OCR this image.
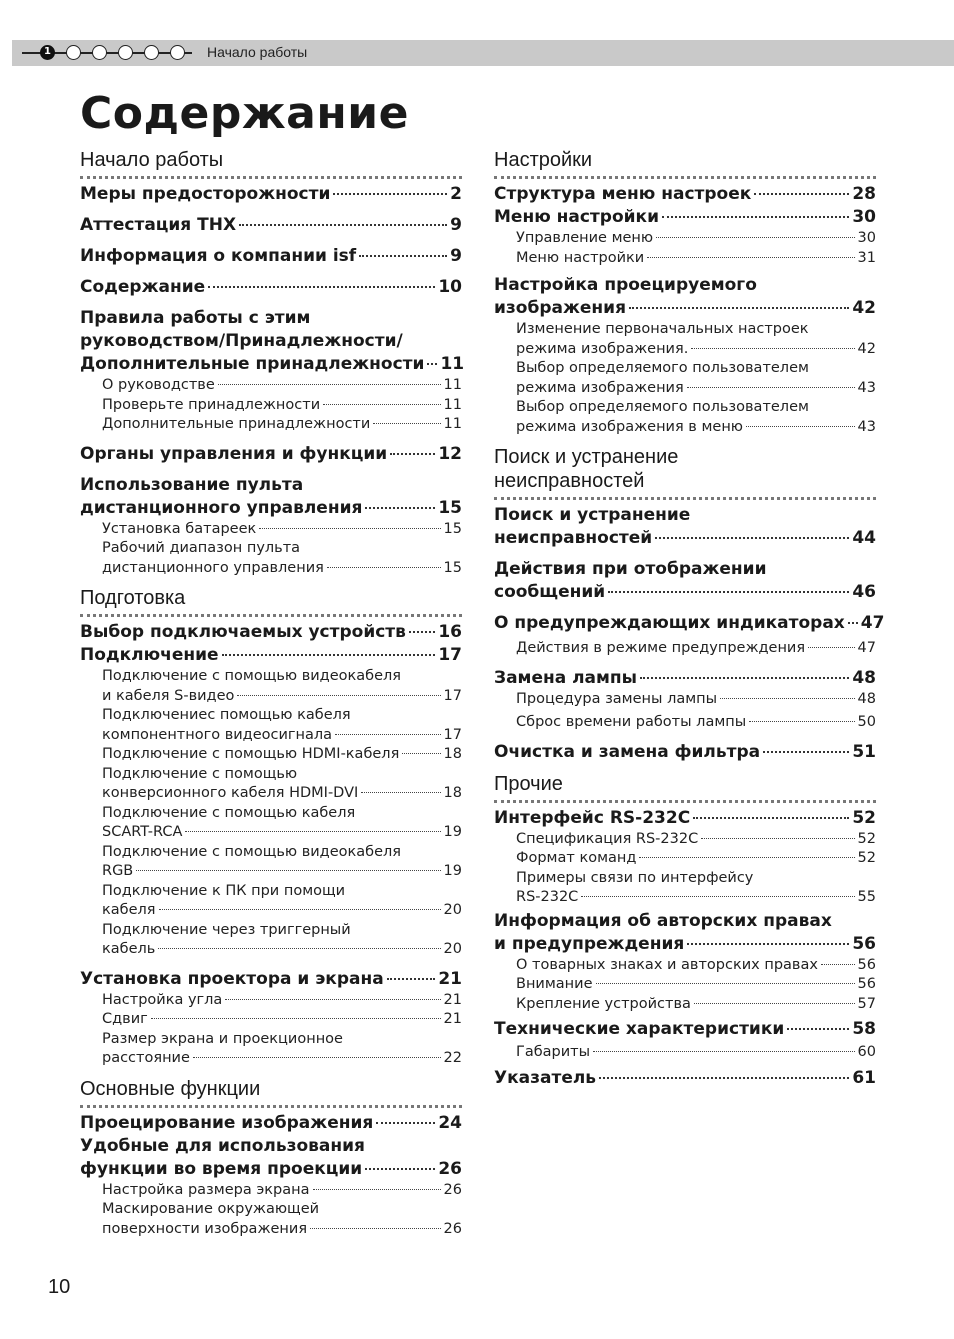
1	Начало работы
Содержание
Начало работы
Меры предосторожности	2
Аттестация THX	9
Информация о компании isf	9
Содержание	10
Правила работы с этим
руководством/Принадлежности/
Дополнительные принадлежности 11
О руководстве	11
Проверьте принадлежности	11
Дополнительные принадлежности	11
Органы управления и функции	12
Использование пульта
дистанционного управления	15
Установка батареек	15
Рабочий диапазон пульта
дистанционного управления	15
Подготовка
Выбор подключаемых устройств 16
Подключение	17
Подключение с помощью видеокабеля
и кабеля S-видео	17
Подключениес помощью кабеля
компонентного видеосигнала	17
Подключение с помощью HDMI-кабеля	18
Подключение с помощью
конверсионного кабеля HDMI-DVI	18
Подключение с помощью кабеля
SCART-RCA	19
Подключение с помощью видеокабеля
RGB	19
Подключение к ПК при помощи
кабеля	20
Подключение через триггерный
кабель	20
Установка проектора и экрана	21
Настройка угла	21
Сдвиг	21
Размер экрана и проекционное
расстояние	22
Основные функции
Проецирование изображения	24
Удобные для использования
функции во время проекции	26
Настройка размера экрана	26
Маскирование окружающей
поверхности изображения	26
Настройки
Структура меню настроек	28
Меню настройки	30
Управление меню	30
Меню настройки	31
Настройка проецируемого
изображения	42
Изменение первоначальных настроек
режима изображения.	42
Выбор определяемого пользователем
режима изображения	43
Выбор определяемого пользователем
режима изображения в меню	43
Поиск и устранение
неисправностей
Поиск и устранение
неисправностей	44
Действия при отображении
сообщений	46
О предупреждающих индикаторах 47
Действия в режиме предупреждения	47
Замена лампы	48
Процедура замены лампы	48
Сброс времени работы лампы	50
Очистка и замена фильтра	51
Прочие
Интерфейс RS-232C	52
Спецификация RS-232C	52
Формат команд	52
Примеры связи по интерфейсу
RS-232C	55
Информация об авторских правах
и предупреждения	56
О товарных знаках и авторских правах	56
Внимание	56
Крепление устройства	57
Технические характеристики	58
Габариты	60
Указатель	61
10
